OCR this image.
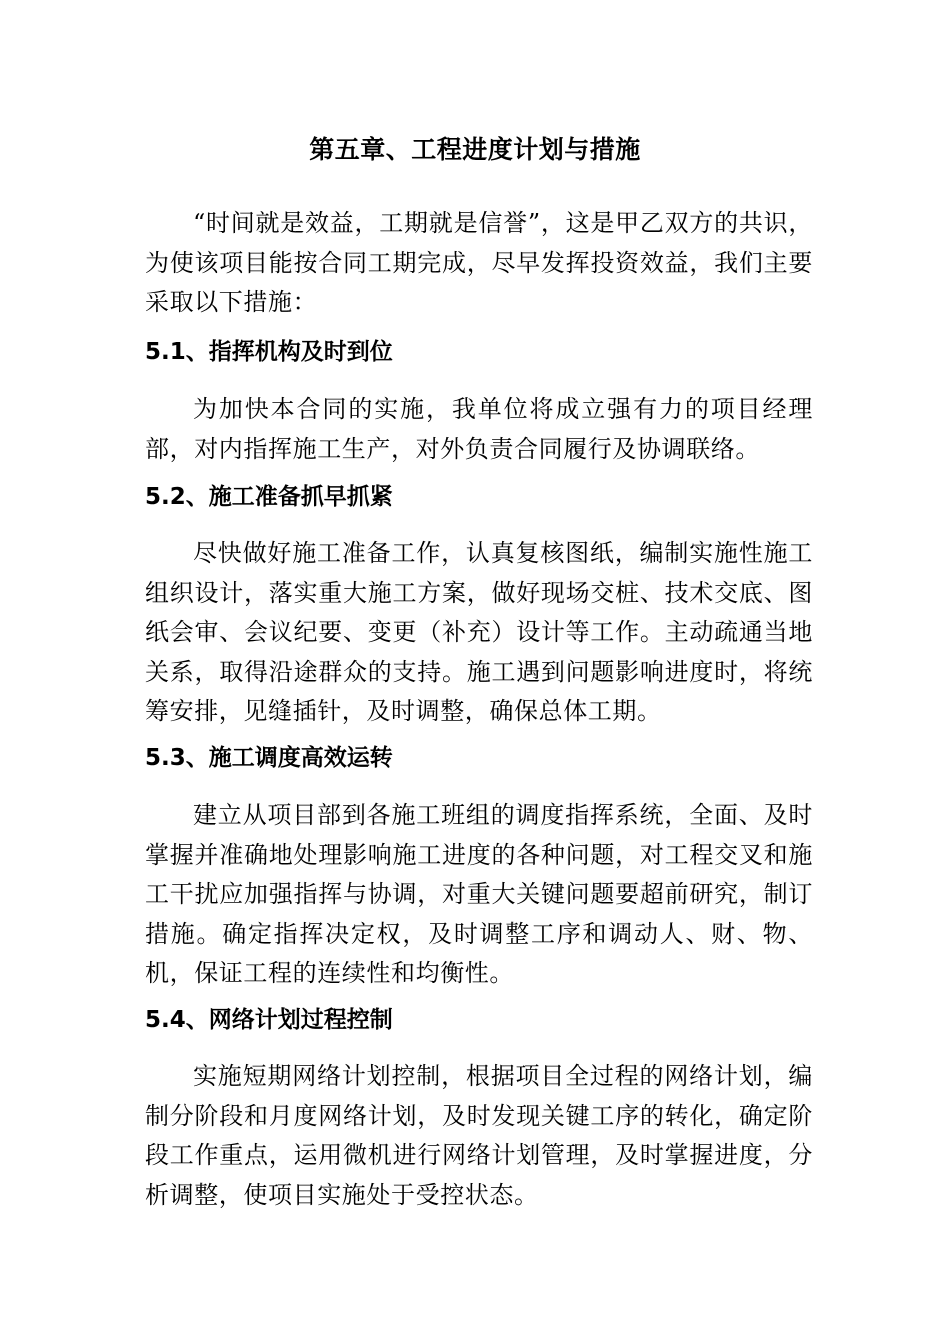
第五章、工程进度计划与措施

“时间就是效益，工期就是信誉”，这是甲乙双方的共识，为使该项目能按合同工期完成，尽早发挥投资效益，我们主要采取以下措施：

5.1、指挥机构及时到位

为加快本合同的实施，我单位将成立强有力的项目经理部，对内指挥施工生产，对外负责合同履行及协调联络。

5.2、施工准备抓早抓紧

尽快做好施工准备工作，认真复核图纸，编制实施性施工组织设计，落实重大施工方案，做好现场交桩、技术交底、图纸会审、会议纪要、变更（补充）设计等工作。主动疏通当地关系，取得沿途群众的支持。施工遇到问题影响进度时，将统筹安排，见缝插针，及时调整，确保总体工期。

5.3、施工调度高效运转

建立从项目部到各施工班组的调度指挥系统，全面、及时掌握并准确地处理影响施工进度的各种问题，对工程交叉和施工干扰应加强指挥与协调，对重大关键问题要超前研究，制订措施。确定指挥决定权，及时调整工序和调动人、财、物、机，保证工程的连续性和均衡性。

5.4、网络计划过程控制

实施短期网络计划控制，根据项目全过程的网络计划，编制分阶段和月度网络计划，及时发现关键工序的转化，确定阶段工作重点，运用微机进行网络计划管理，及时掌握进度，分析调整，使项目实施处于受控状态。
